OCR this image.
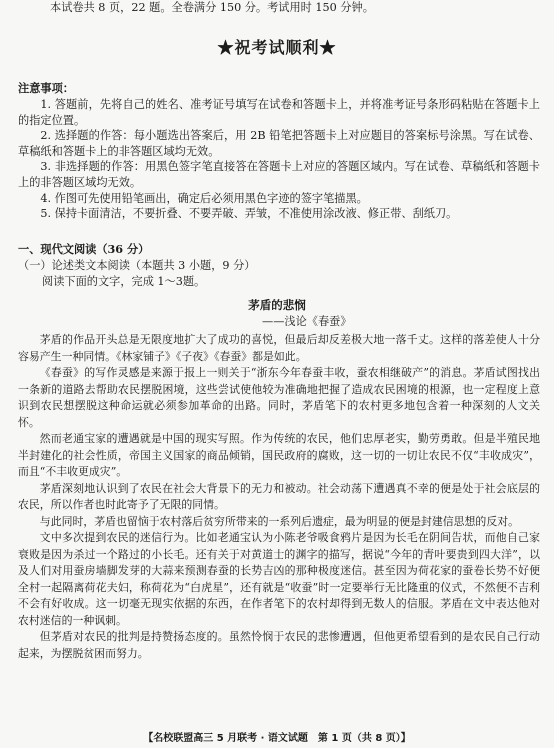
本试卷共 8 页，22 题。全卷满分 150 分。考试用时 150 分钟。
★祝考试顺利★
注意事项：

1. 答题前，先将自己的姓名、准考证号填写在试卷和答题卡上，并将准考证号条形码粘贴在答题卡上的指定位置。

2. 选择题的作答：每小题选出答案后，用 2B 铅笔把答题卡上对应题目的答案标号涂黑。写在试卷、草稿纸和答题卡上的非答题区域均无效。

3. 非选择题的作答：用黑色签字笔直接答在答题卡上对应的答题区域内。写在试卷、草稿纸和答题卡上的非答题区域均无效。

4. 作图可先使用铅笔画出，确定后必须用黑色字迹的签字笔描黑。

5. 保持卡面清洁，不要折叠、不要弄破、弄皱，不准使用涂改液、修正带、刮纸刀。

一、现代文阅读（36 分）
（一）论述类文本阅读（本题共 3 小题，9 分）
阅读下面的文字，完成 1～3题。
茅盾的悲悯
——浅论《春蚕》

茅盾的作品开头总是无限度地扩大了成功的喜悦，但最后却反差极大地一落千丈。这样的落差使人十分容易产生一种同情。《林家铺子》《子夜》《春蚕》都是如此。

《春蚕》的写作灵感是来源于报上一则关于“浙东今年春蚕丰收，蚕农相继破产”的消息。茅盾试图找出一条新的道路去帮助农民摆脱困境，这些尝试使他较为准确地把握了造成农民困境的根源，也一定程度上意识到农民想摆脱这种命运就必须参加革命的出路。同时，茅盾笔下的农村更多地包含着一种深刻的人文关怀。

然而老通宝家的遭遇就是中国的现实写照。作为传统的农民，他们忠厚老实，勤劳勇敢。但是半殖民地半封建化的社会性质，帝国主义国家的商品倾销，国民政府的腐败，这一切的一切让农民不仅“丰收成灾”，而且“不丰收更成灾”。

茅盾深刻地认识到了农民在社会大背景下的无力和被动。社会动荡下遭遇真不幸的便是处于社会底层的农民，所以作者也时此寄予了无限的同情。

与此同时，茅盾也留恼于农村落后贫穷所带来的一系列后遗症，最为明显的便是封建信思想的反对。

文中多次提到农民的迷信行为。比如老通宝认为小陈老爷吸食鸦片是因为长毛在阴间告状，而他自己家衰败是因为杀过一个路过的小长毛。还有关于对黄道士的渊字的描写，据说“今年的青叶要贵到四大洋”，以及人们对用蚕房墙脚发芽的大蒜来预测春蚕的长势吉凶的那种极度迷信。甚至因为荷花家的蚕卷长势不好便全村一起隔离荷花夫妇，称荷花为“白虎星”，还有就是“收蚕”时一定要举行无比隆重的仪式，不然便不吉利不会有好收成。这一切毫无现实依据的东西，在作者笔下的农村却得到无数人的信服。茅盾在文中表达他对农村迷信的一种讽刺。

但茅盾对农民的批判是持赞扬态度的。虽然怜悯于农民的悲惨遭遇，但他更希望看到的是农民自己行动起来，为摆脱贫困而努力。

【名校联盟高三 5 月联考 · 语文试题　第 1 页（共 8 页）】
